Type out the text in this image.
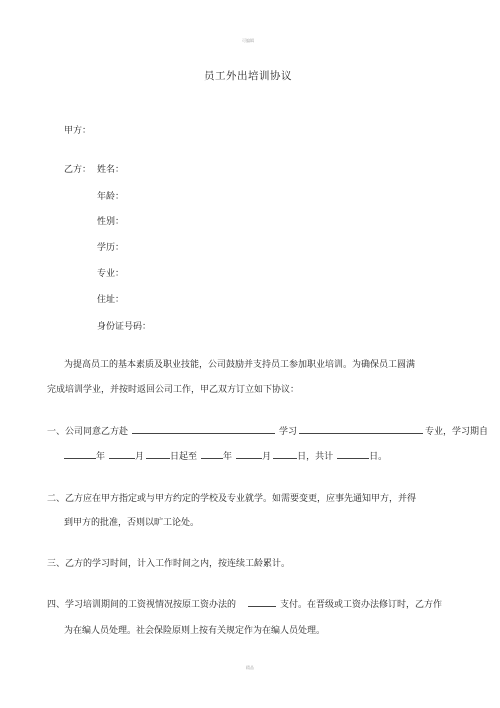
可编辑
员工外出培训协议
甲方：
乙方： 姓名：
年龄：
性别：
学历：
专业：
住址：
身份证号码：
为提高员工的基本素质及职业技能，公司鼓励并支持员工参加职业培训。为确保员工圆满
完成培训学业，并按时返回公司工作，甲乙双方订立如下协议：
一、公司同意乙方赴	学习	专业，学习期自
年	月	日起至	年	月	日，共计	日。
二、乙方应在甲方指定或与甲方约定的学校及专业就学。如需要变更，应事先通知甲方，并得
到甲方的批准，否则以旷工论处。
三、乙方的学习时间，计入工作时间之内，按连续工龄累计。
四、学习培训期间的工资视情况按原工资办法的	支付。在晋级或工资办法修订时，乙方作
为在编人员处理。社会保险原则上按有关规定作为在编人员处理。
精品
